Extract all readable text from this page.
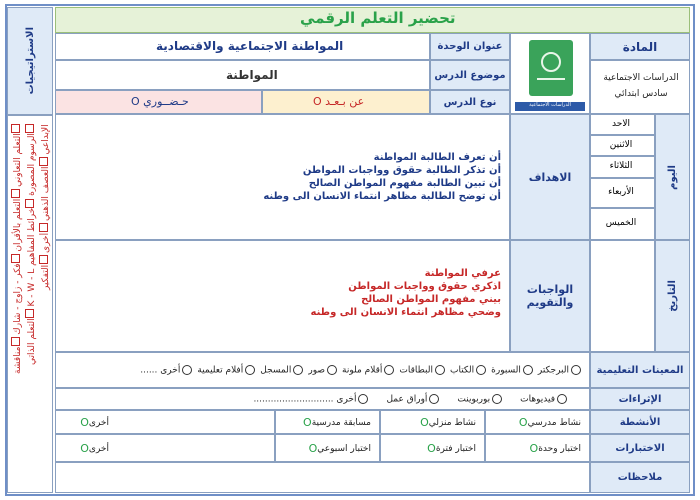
تحضير التعلم الرقمي
الاستراتيجيات
التعلم التعاوني التعلم بالأقران فكر - زاوج - شارك مناقشة
الرسوم المصورة خرائط المفاهيم K - W - L التعلم الذاتي
الإبداعي العصف الذهني أخرى التفكير
المادة
الدراسات الاجتماعية
سادس ابتدائي
الدراسات الاجتماعية
عنوان الوحدة
المواطنة الاجتماعية والاقتصادية
موضوع الدرس
المواطنة
نوع الدرس
عن بـعـد O
حـضــوري O
اليوم
الاحد
الاثنين
الثلاثاء
الأربعاء
الخميس
التاريخ
الاهداف
أن تعرف الطالبة المواطنة
أن تذكر الطالبة حقوق وواجبات المواطن
أن تبين الطالبة مفهوم المواطن الصالح
أن توضح الطالبة مظاهر انتماء الانسان الى وطنه
الواجبات
والتقويم
عرفي المواطنة
اذكري حقوق وواجبات المواطن
بيني مفهوم المواطن الصالح
وضحي مظاهر انتماء الانسان الى وطنه
المعينات التعليمية
البرجكتر
السبورة
الكتاب
البطاقات
أقلام ملونة
صور
المسجل
أفلام تعليمية
أخرى ......
الإثراءات
فيديوهات
بوربوينت
أوراق عمل
أخرى ............................
الأنشطة
نشاط مدرسي
O
نشاط منزلي
O
مسابقة مدرسية
O
أخرى
O
الاختبارات
اختبار وحدة
O
اختبار فترة
O
اختبار اسبوعي
O
أخرى
O
ملاحظات
